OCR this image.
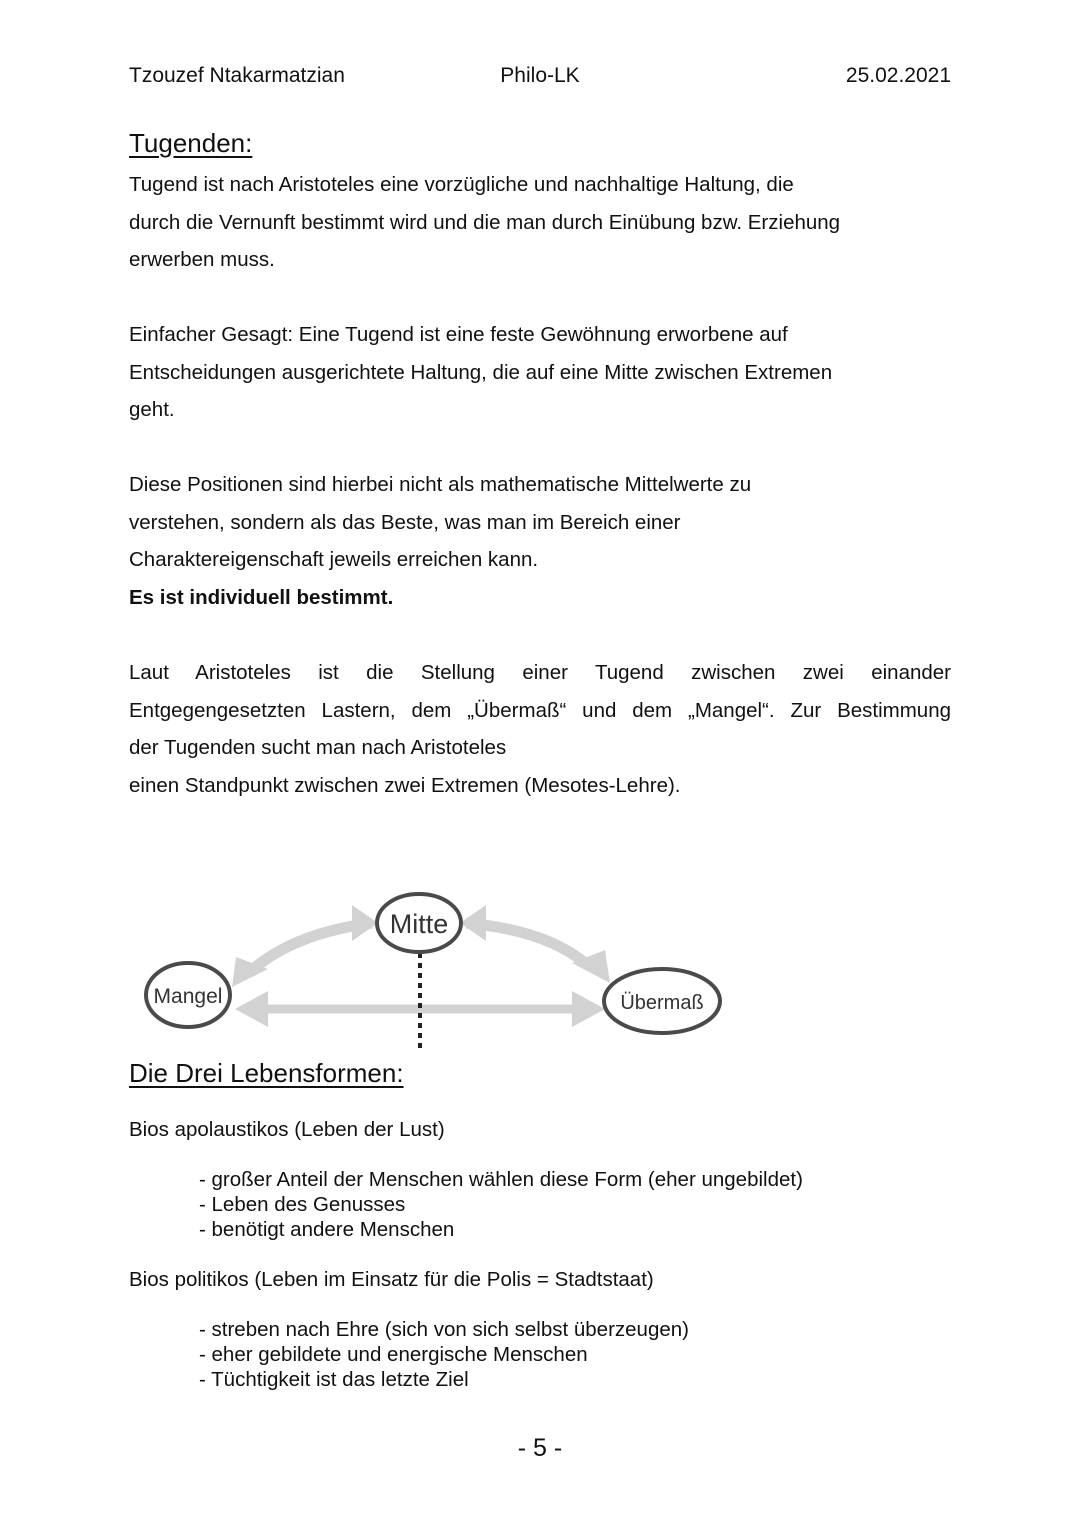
Tzouzef Ntakarmatzian	Philo-LK	25.02.2021
Tugenden:
Tugend ist nach Aristoteles eine vorzügliche und nachhaltige Haltung, die
durch die Vernunft bestimmt wird und die man durch Einübung bzw. Erziehung
erwerben muss.
Einfacher Gesagt: Eine Tugend ist eine feste Gewöhnung erworbene auf
Entscheidungen ausgerichtete Haltung, die auf eine Mitte zwischen Extremen
geht.
Diese Positionen sind hierbei nicht als mathematische Mittelwerte zu
verstehen, sondern als das Beste, was man im Bereich einer
Charaktereigenschaft jeweils erreichen kann.
Es ist individuell bestimmt.
Laut Aristoteles ist die Stellung einer Tugend zwischen zwei einander
Entgegengesetzten Lastern, dem „Übermaß“ und dem „Mangel“. Zur Bestimmung
der Tugenden sucht man nach Aristoteles
einen Standpunkt zwischen zwei Extremen (Mesotes-Lehre).
Mitte
Mangel	Übermaß
Die Drei Lebensformen:
Bios apolaustikos (Leben der Lust)
- großer Anteil der Menschen wählen diese Form (eher ungebildet)
- Leben des Genusses
- benötigt andere Menschen
Bios politikos (Leben im Einsatz für die Polis = Stadtstaat)
- streben nach Ehre (sich von sich selbst überzeugen)
- eher gebildete und energische Menschen
- Tüchtigkeit ist das letzte Ziel
- 5 -
